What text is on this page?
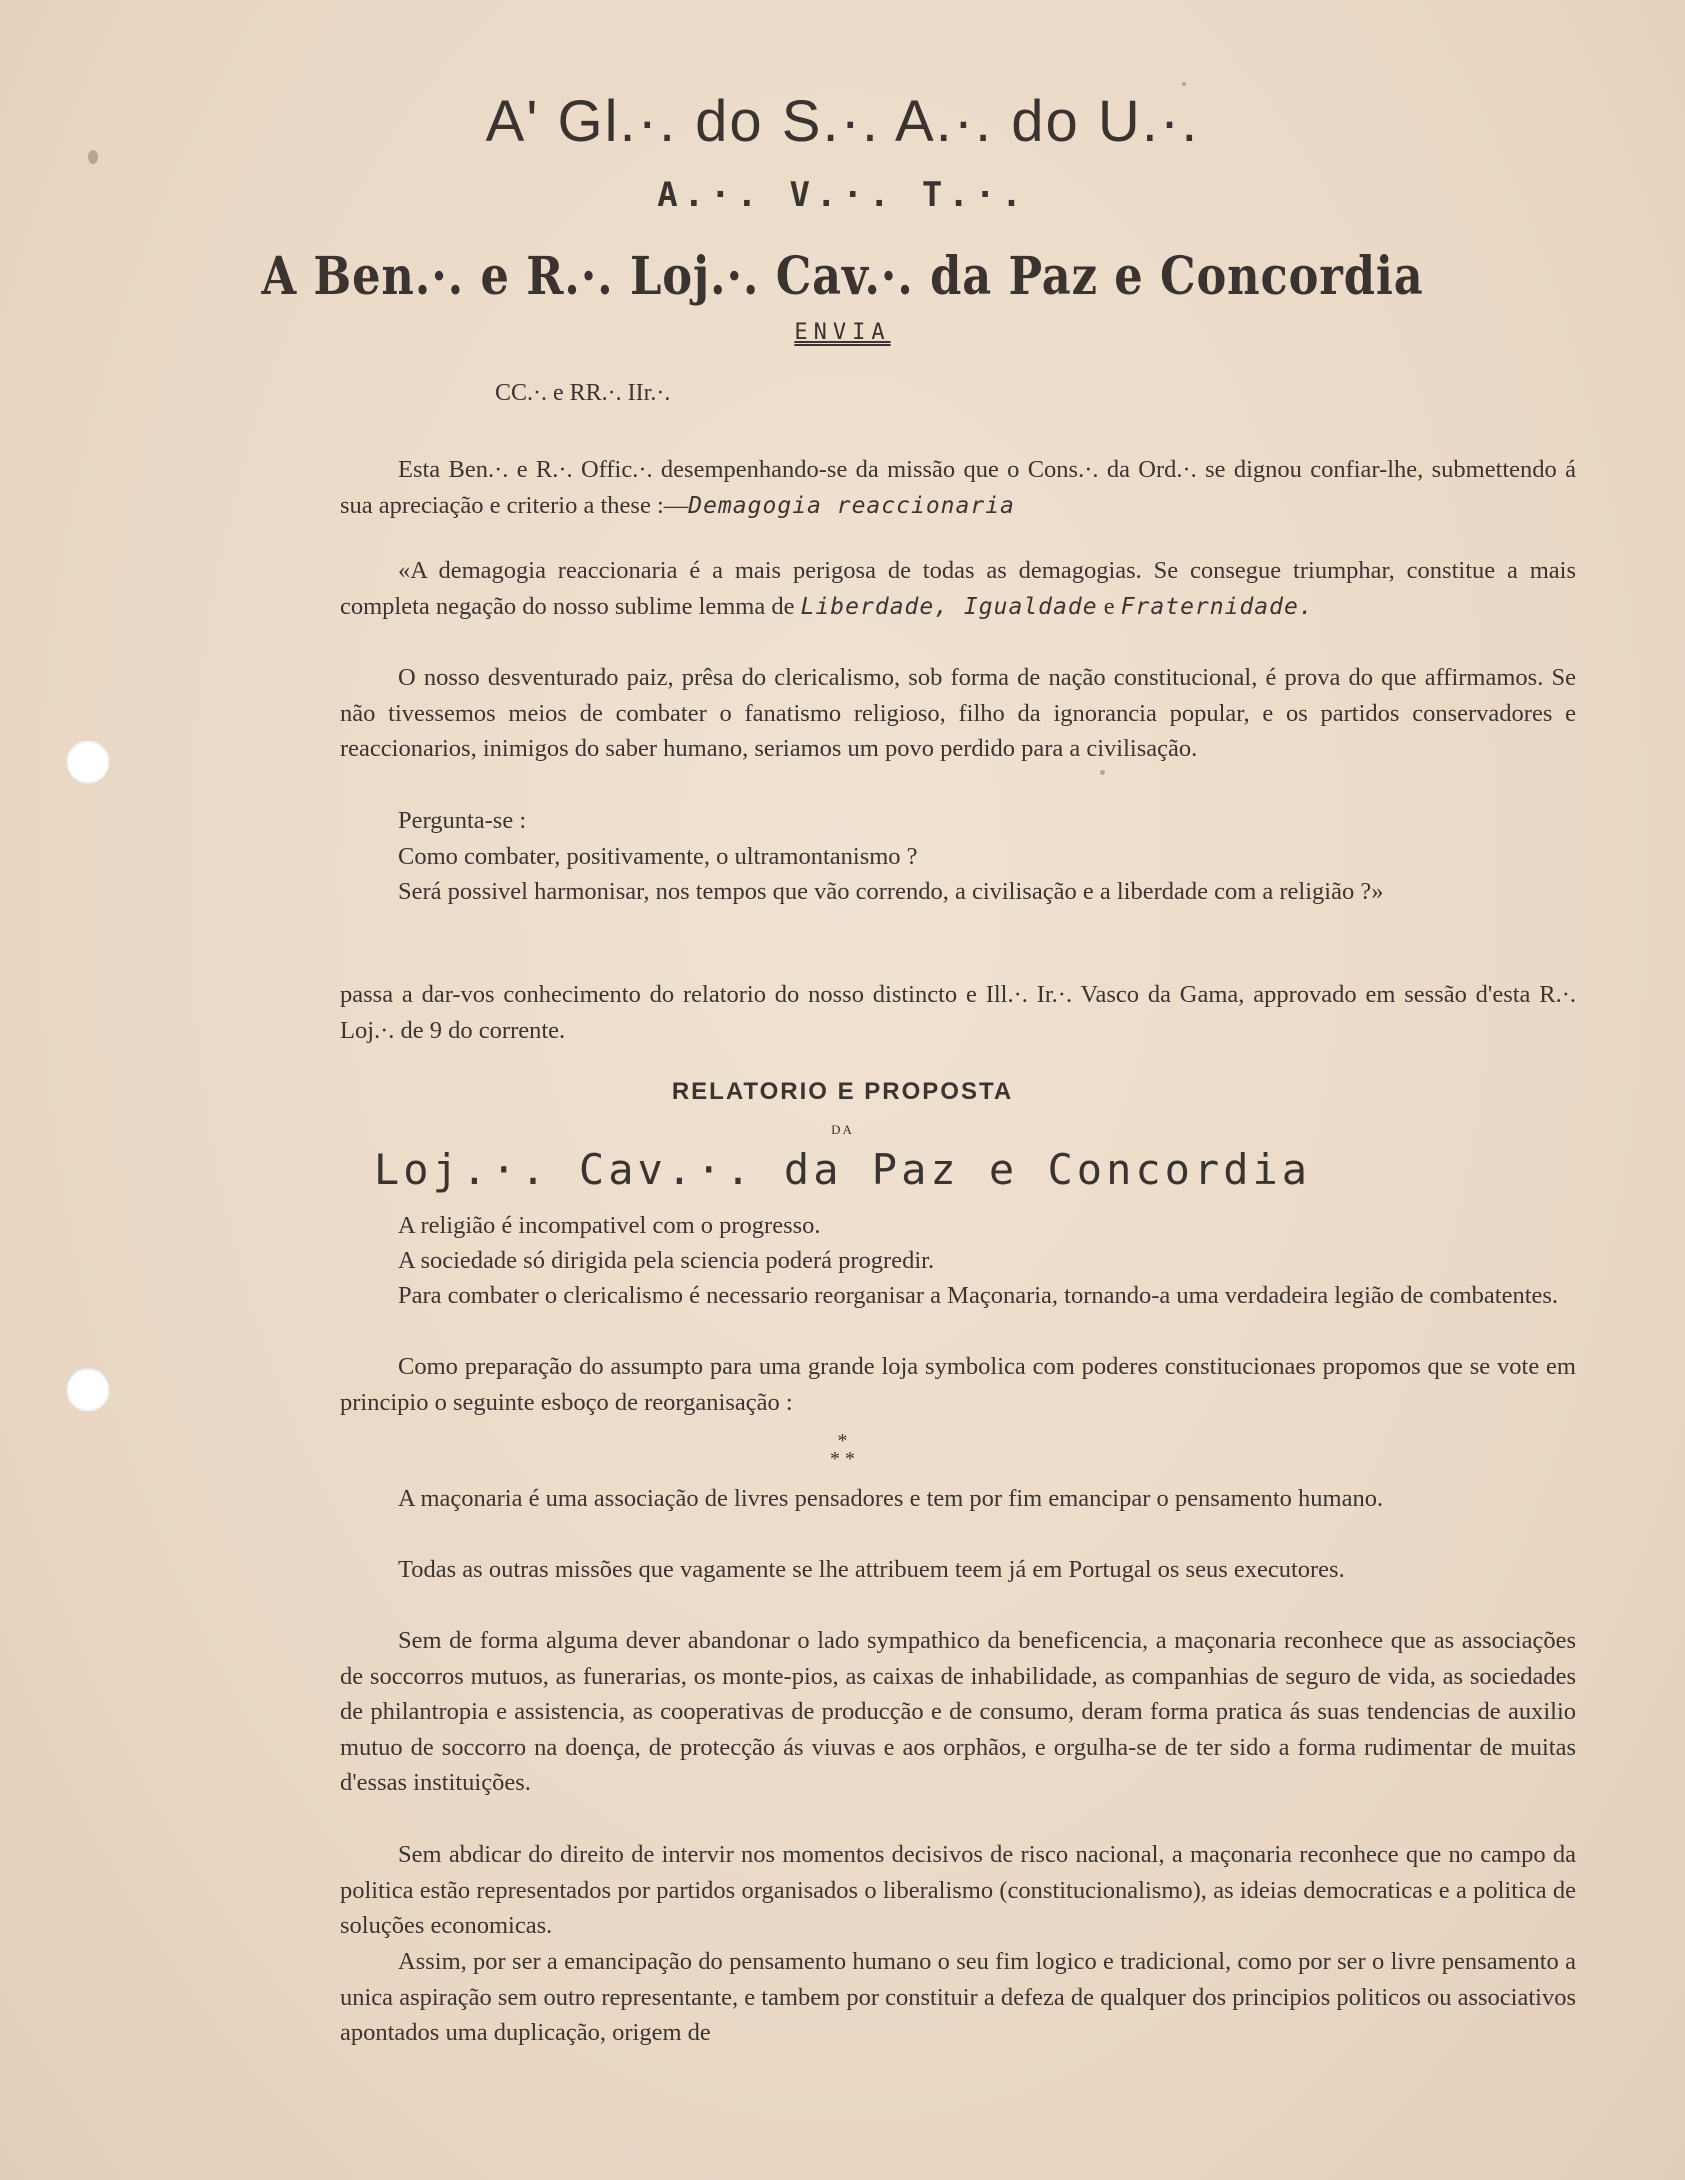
A' Gl.·. do S.·. A.·. do U.·.
A.·. V.·. T.·.
A Ben.·. e R.·. Loj.·. Cav.·. da Paz e Concordia
ENVIA
CC.·. e RR.·. IIr.·.

Esta Ben.·. e R.·. Offic.·. desempenhando-se da missão que o Cons.·. da Ord.·. se dignou confiar-lhe, submettendo á sua apreciação e criterio a these :—Demagogia reaccionaria

«A demagogia reaccionaria é a mais perigosa de todas as demagogias. Se consegue triumphar, constitue a mais completa negação do nosso sublime lemma de Liberdade, Igualdade e Fraternidade.

O nosso desventurado paiz, prêsa do clericalismo, sob forma de nação constitucional, é prova do que affirmamos. Se não tivessemos meios de combater o fanatismo religioso, filho da ignorancia popular, e os partidos conservadores e reaccionarios, inimigos do saber humano, seriamos um povo perdido para a civilisação.

Pergunta-se :

Como combater, positivamente, o ultramontanismo ?

Será possivel harmonisar, nos tempos que vão correndo, a civilisação e a liberdade com a religião ?»

passa a dar-vos conhecimento do relatorio do nosso distincto e Ill.·. Ir.·. Vasco da Gama, approvado em sessão d'esta R.·. Loj.·. de 9 do corrente.

RELATORIO E PROPOSTA
DA
Loj.·. Cav.·. da Paz e Concordia

A religião é incompativel com o progresso.

A sociedade só dirigida pela sciencia poderá progredir.

Para combater o clericalismo é necessario reorganisar a Maçonaria, tornando-a uma verdadeira legião de combatentes.

Como preparação do assumpto para uma grande loja symbolica com poderes constitucionaes propomos que se vote em principio o seguinte esboço de reorganisação :

*
* *

A maçonaria é uma associação de livres pensadores e tem por fim emancipar o pensamento humano.

Todas as outras missões que vagamente se lhe attribuem teem já em Portugal os seus executores.

Sem de forma alguma dever abandonar o lado sympathico da beneficencia, a maçonaria reconhece que as associações de soccorros mutuos, as funerarias, os monte-pios, as caixas de inhabilidade, as companhias de seguro de vida, as sociedades de philantropia e assistencia, as cooperativas de producção e de consumo, deram forma pratica ás suas tendencias de auxilio mutuo de soccorro na doença, de protecção ás viuvas e aos orphãos, e orgulha-se de ter sido a forma rudimentar de muitas d'essas instituições.

Sem abdicar do direito de intervir nos momentos decisivos de risco nacional, a maçonaria reconhece que no campo da politica estão representados por partidos organisados o liberalismo (constitucionalismo), as ideias democraticas e a politica de soluções economicas.

Assim, por ser a emancipação do pensamento humano o seu fim logico e tradicional, como por ser o livre pensamento a unica aspiração sem outro representante, e tambem por constituir a defeza de qualquer dos principios politicos ou associativos apontados uma duplicação, origem de
